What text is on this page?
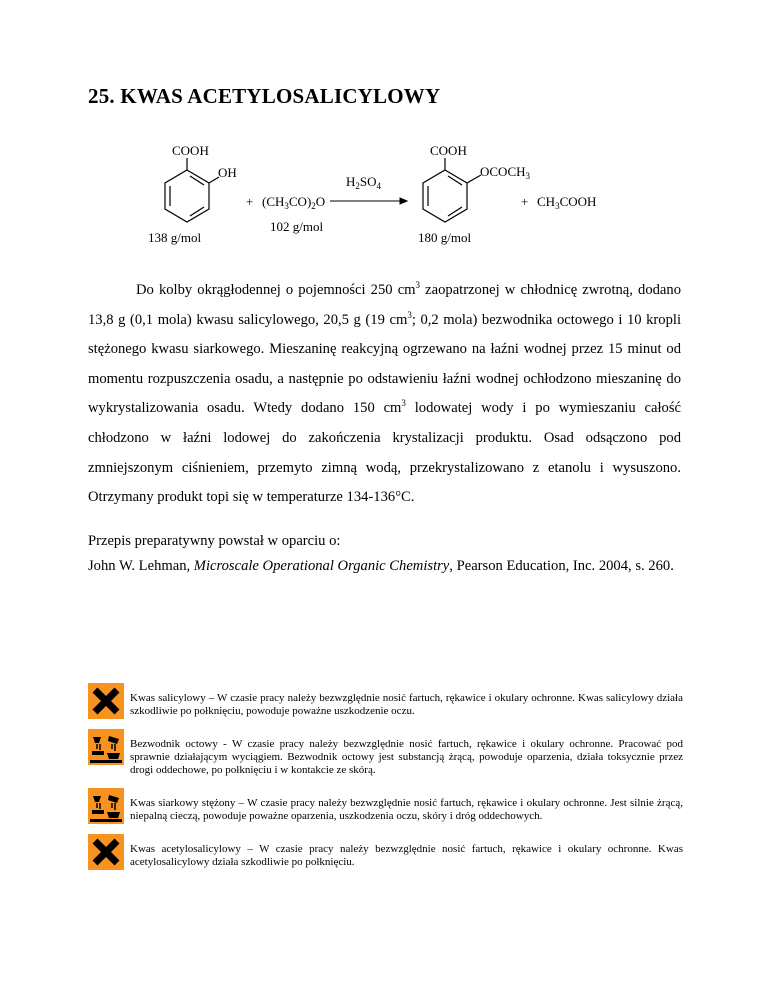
25. KWAS ACETYLOSALICYLOWY
COOH
OH
138 g/mol
+ $(CH_3CO)_2O$
102 g/mol
$H_2SO_4$
COOH
$OCOCH_3$
180 g/mol
+ $CH_3COOH$
Do kolby okrągłodennej o pojemności 250 $cm^3$ zaopatrzonej w chłodnicę zwrotną, dodano 13,8 g (0,1 mola) kwasu salicylowego, 20,5 g (19 $cm^3$; 0,2 mola) bezwodnika octowego i 10 kropli stężonego kwasu siarkowego. Mieszaninę reakcyjną ogrzewano na łaźni wodnej przez 15 minut od momentu rozpuszczenia osadu, a następnie po odstawieniu łaźni wodnej ochłodzono mieszaninę do wykrystalizowania osadu. Wtedy dodano 150 $cm^3$ lodowatej wody i po wymieszaniu całość chłodzono w łaźni lodowej do zakończenia krystalizacji produktu. Osad odsączono pod zmniejszonym ciśnieniem, przemyto zimną wodą, przekrystalizowano z etanolu i wysuszono. Otrzymany produkt topi się w temperaturze 134-136°C.

Przepis preparatywny powstał w oparciu o:

John W. Lehman, Microscale Operational Organic Chemistry, Pearson Education, Inc. 2004, s. 260.

Kwas salicylowy – W czasie pracy należy bezwzględnie nosić fartuch, rękawice i okulary ochronne. Kwas salicylowy działa szkodliwie po połknięciu, powoduje poważne uszkodzenie oczu.

Bezwodnik octowy - W czasie pracy należy bezwzględnie nosić fartuch, rękawice i okulary ochronne. Pracować pod sprawnie działającym wyciągiem. Bezwodnik octowy jest substancją żrącą, powoduje oparzenia, działa toksycznie przez drogi oddechowe, po połknięciu i w kontakcie ze skórą.

Kwas siarkowy stężony – W czasie pracy należy bezwzględnie nosić fartuch, rękawice i okulary ochronne. Jest silnie żrącą, niepalną cieczą, powoduje poważne oparzenia, uszkodzenia oczu, skóry i dróg oddechowych.

Kwas acetylosalicylowy – W czasie pracy należy bezwzględnie nosić fartuch, rękawice i okulary ochronne. Kwas acetylosalicylowy działa szkodliwie po połknięciu.
